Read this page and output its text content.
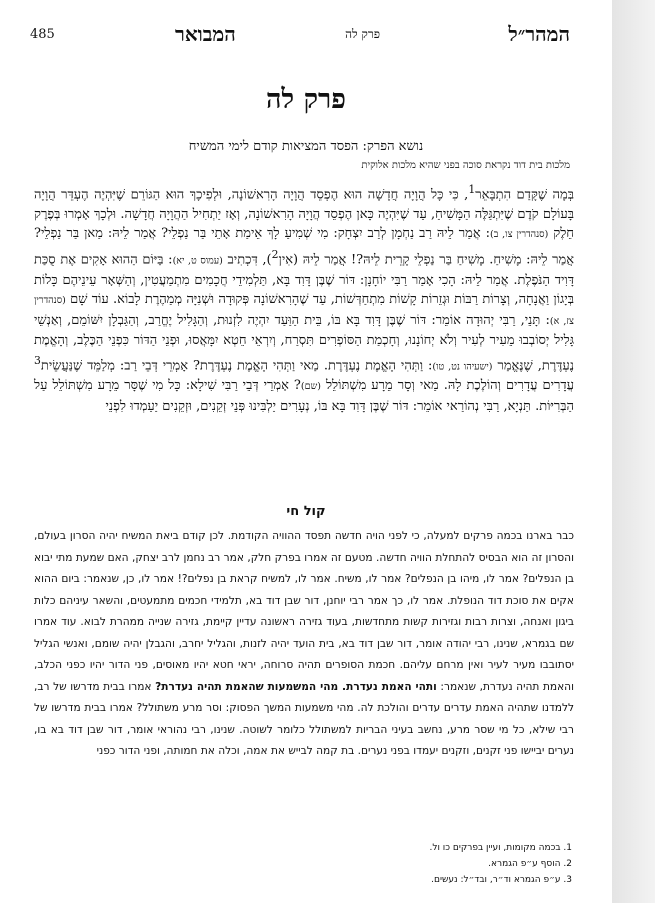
המהר״ל
פרק לה
המבואר
485
פרק לה
נושא הפרק: הפסד המציאות קודם לימי המשיח
מלכות בית דוד נקראת סוכה בפני שהיא מלכות אלוקית

בְּמָה שֶׁקָּדַם הִתְבָּאֵר$^1$, כִּי כָּל הֲוָיָה חֲדָשָׁה הוּא הֶפְסֵד הֲוָיָה הָרִאשׁוֹנָה, וּלְפִיכָךְ הוּא הַגּוֹרֵם שֶׁיִּהְיֶה הֶעְדֵּר הֲוָיָה בָּעוֹלָם קֹדֶם שֶׁיִּתְגַּלֶּה הַמָּשִׁיחַ, עַד שֶׁיִּהְיֶה כָּאן הֶפְסֵד הֲוָיָה הָרִאשׁוֹנָה, וְאָז יַתְחִיל הַהֲוָיָה חֲדָשָׁה. וּלְכָךְ אָמְרוּ בְּפֶרֶק חֵלֶק (סנהדרין צו, ב): אֲמַר לֵיהּ רַב נַחְמָן לְרַב יִצְחָק: מִי שְׁמִיעַ לָךְ אֵימַת אָתֵי בַּר נַפְלֵי? אֲמַר לֵיהּ: מַאן בַּר נַפְלֵי? אֲמַר לֵיהּ: מָשִׁיחַ. מָשִׁיחַ בַּר נַפְלֵי קָרֵית לֵיהּ?! אֲמַר לֵיהּ (אִין$^2$), דִּכְתִיב (עמוס ט, יא): בַּיּוֹם הַהוּא אָקִים אֶת סֻכַּת דָּוִיד הַנֹּפֶלֶת. אֲמַר לֵיהּ: הָכִי אָמַר רַבִּי יוֹחָנָן: דּוֹר שֶׁבֶּן דָּוִד בָּא, תַּלְמִידֵי חֲכָמִים מִתְמַעֲטִין, וְהַשְּׁאָר עֵינֵיהֶם כָּלוֹת בְּיָגוֹן וַאֲנָחָה, וְצָרוֹת רַבּוֹת וּגְזֵרוֹת קָשׁוֹת מִתְחַדְּשׁוֹת, עַד שֶׁהָרִאשׁוֹנָה פְּקוּדָה וּשְׁנִיָּה מְמַהֶרֶת לָבוֹא. עוֹד שָׁם (סנהדרין צז, א): תָּנֵי, רַבִּי יְהוּדָה אוֹמֵר: דּוֹר שֶׁבֶּן דָּוִד בָּא בּוֹ, בֵּית הַוַּעַד יִהְיֶה לִזְנוּת, וְהַגָּלִיל יֶחֱרַב, וְהַגַּבְלָן יִשּׁוֹמֵם, וְאַנְשֵׁי גָּלִיל יְסוֹבְבוּ מֵעִיר לְעִיר וְלֹא יְחוֹנָנוּ, וְחָכְמַת הַסּוֹפְרִים תִּסְרַח, וְיִרְאֵי חֵטְא יִמָּאֲסוּ, וּפְנֵי הַדּוֹר כִּפְנֵי הַכֶּלֶב, וְהָאֱמֶת נֶעְדֶּרֶת, שֶׁנֶּאֱמַר (ישעיהו נט, טו): וַתְּהִי הָאֱמֶת נֶעְדֶּרֶת. מַאי וַתְּהִי הָאֱמֶת נֶעְדֶּרֶת? אָמְרֵי דְּבֵי רַב: מְלַמֵּד שֶׁנַּעֲשֵׂית$^3$ עֲדָרִים עֲדָרִים וְהוֹלֶכֶת לָהּ. מַאי וְסָר מֵרָע מִשְׁתּוֹלֵל (שם)? אָמְרֵי דְּבֵי רַבִּי שִׁילָא: כָּל מִי שֶׁסָּר מֵרָע מִשְׁתּוֹלֵל עַל הַבְּרִיּוֹת. תַּנְיָא, רַבִּי נְהוֹרַאי אוֹמֵר: דּוֹר שֶׁבֶּן דָּוִד בָּא בּוֹ, נְעָרִים יַלְבִּינוּ פְּנֵי זְקֵנִים, וּזְקֵנִים יַעַמְדוּ לִפְנֵי

קול חי

כבר בארנו בכמה פרקים למעלה, כי לפני הויה חדשה תפסד ההוויה הקודמת. לכן קודם ביאת המשיח יהיה הסרון בעולם, והסרון זה הוא הבסיס להתחלת הוויה חדשה. מטעם זה אמרו בפרק חלק, אמר רב נחמן לרב יצחק, האם שמעת מתי יבוא בן הנפלים? אמר לו, מיהו בן הנפלים? אמר לו, משיח. אמר לו, למשיח קראת בן נפלים?! אמר לו, כן, שנאמר: ביום ההוא אקים את סוכת דוד הנופלת. אמר לו, כך אמר רבי יוחנן, דור שבן דוד בא, תלמידי חכמים מתמעטים, והשאר עיניהם כלות ביגון ואנחה, וצרות רבות וגזירות קשות מתחדשות, בעוד גזירה ראשונה עדיין קיימת, גזירה שנייה ממהרת לבוא. עוד אמרו שם בגמרא, שנינו, רבי יהודה אומר, דור שבן דוד בא, בית הועד יהיה לזנות, והגליל יחרב, והגבלן יהיה שומם, ואנשי הגליל יסתובבו מעיר לעיר ואין מרחם עליהם. חכמת הסופרים תהיה סרוחה, יראי חטא יהיו מאוסים, פני הדור יהיו כפני הכלב, והאמת תהיה נעדרת, שנאמר: ותהי האמת נעדרת. מהי המשמעות שהאמת תהיה נעדרת? אמרו בבית מדרשו של רב, ללמדנו שתהיה האמת עדרים עדרים והולכת לה. מהי משמעות המשך הפסוק: וסר מרע משתולל? אמרו בבית מדרשו של רבי שילא, כל מי שסר מרע, נחשב בעיני הבריות למשתולל כלומר לשוטה. שנינו, רבי נהוראי אומר, דור שבן דוד בא בו, נערים יביישו פני זקנים, וזקנים יעמדו בפני נערים. בת קמה לבייש את אמה, וכלה את חמותה, ופני הדור כפני

1. בכמה מקומות, ועיין בפרקים כו ול.
2. הוסף ע״פ הגמרא.
3. ע״פ הגמרא וד״ר, ובד״ל: נעשים.
